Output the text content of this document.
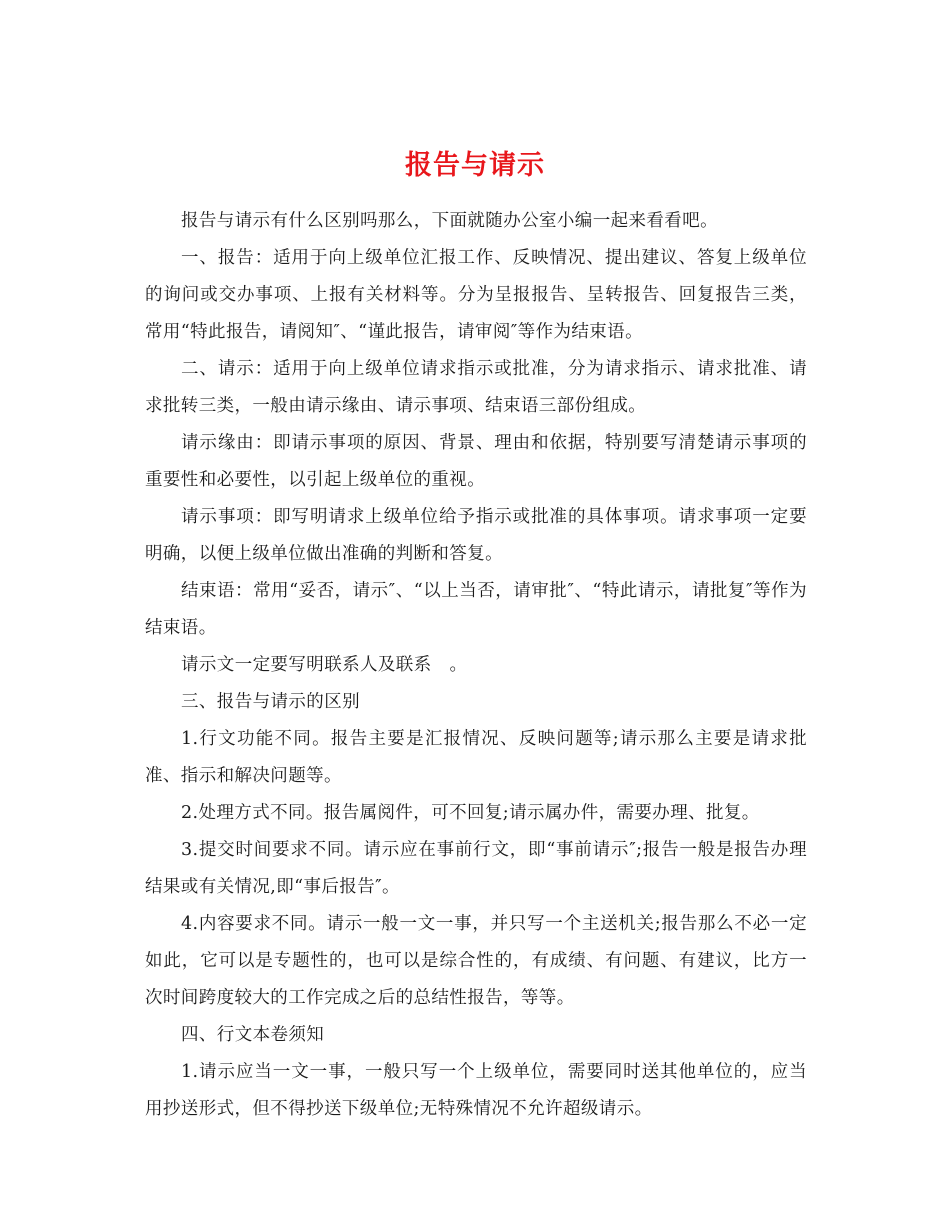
报告与请示

报告与请示有什么区别吗那么，下面就随办公室小编一起来看看吧。

一、报告：适用于向上级单位汇报工作、反映情况、提出建议、答复上级单位的询问或交办事项、上报有关材料等。分为呈报报告、呈转报告、回复报告三类，常用“特此报告，请阅知″、“谨此报告，请审阅″等作为结束语。

二、请示：适用于向上级单位请求指示或批准，分为请求指示、请求批准、请求批转三类，一般由请示缘由、请示事项、结束语三部份组成。

请示缘由：即请示事项的原因、背景、理由和依据，特别要写清楚请示事项的重要性和必要性，以引起上级单位的重视。

请示事项：即写明请求上级单位给予指示或批准的具体事项。请求事项一定要明确，以便上级单位做出准确的判断和答复。

结束语：常用“妥否，请示″、“以上当否，请审批″、“特此请示，请批复″等作为结束语。

请示文一定要写明联系人及联系　。

三、报告与请示的区别

1.行文功能不同。报告主要是汇报情况、反映问题等;请示那么主要是请求批准、指示和解决问题等。

2.处理方式不同。报告属阅件，可不回复;请示属办件，需要办理、批复。

3.提交时间要求不同。请示应在事前行文，即“事前请示″;报告一般是报告办理结果或有关情况,即“事后报告″。

4.内容要求不同。请示一般一文一事，并只写一个主送机关;报告那么不必一定如此，它可以是专题性的，也可以是综合性的，有成绩、有问题、有建议，比方一次时间跨度较大的工作完成之后的总结性报告，等等。

四、行文本卷须知

1.请示应当一文一事，一般只写一个上级单位，需要同时送其他单位的，应当用抄送形式，但不得抄送下级单位;无特殊情况不允许超级请示。
